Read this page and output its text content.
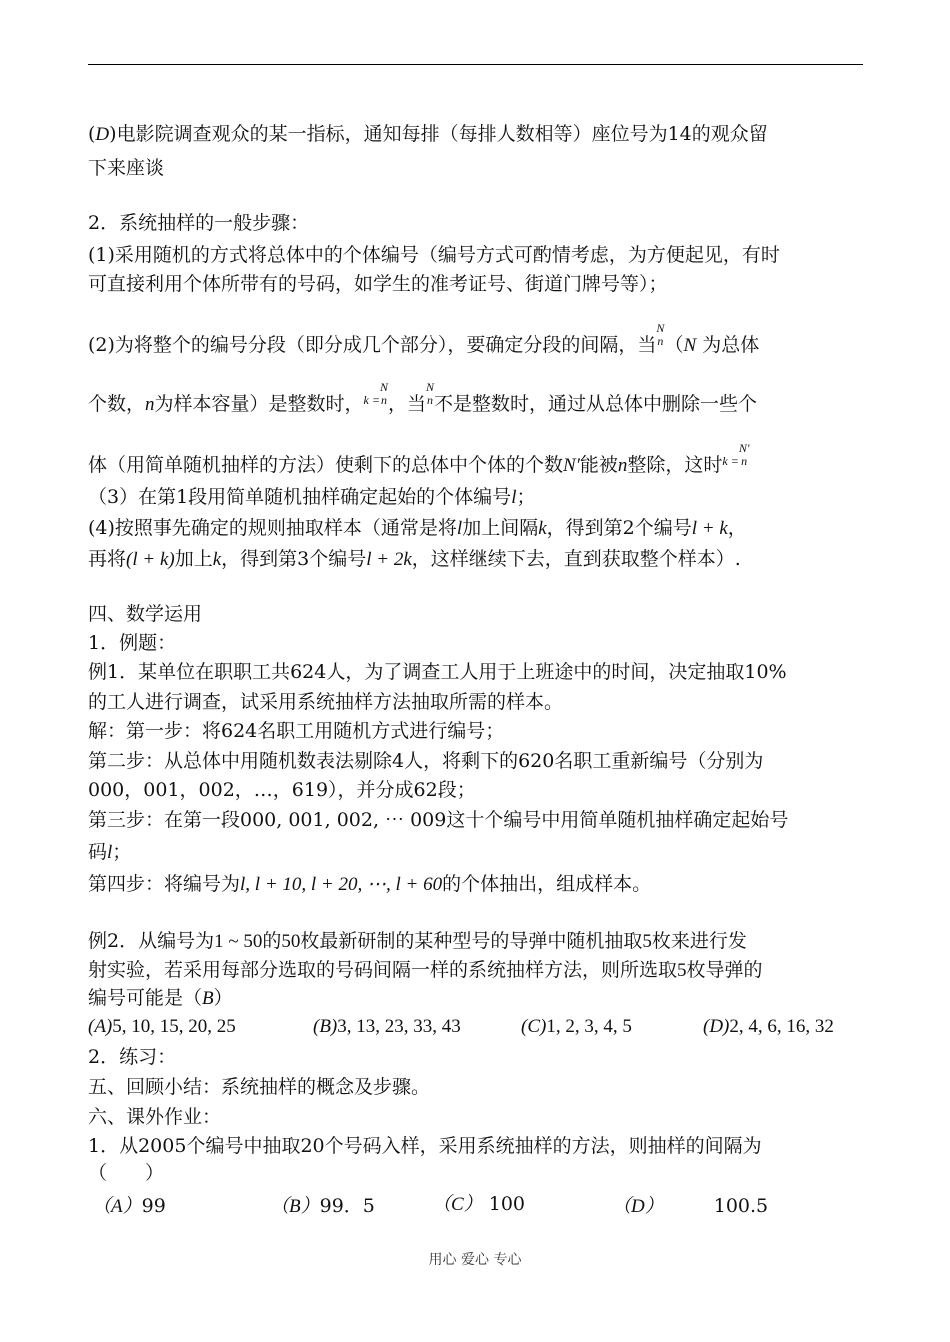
(D)电影院调查观众的某一指标，通知每排（每排人数相等）座位号为14的观众留
下来座谈
2．系统抽样的一般步骤：
(1)采用随机的方式将总体中的个体编号（编号方式可酌情考虑，为方便起见，有时
可直接利用个体所带有的号码，如学生的准考证号、街道门牌号等）；
(2)为将整个的编号分段（即分成几个部分），要确定分段的间隔，当
N
n （N 为总体
个数，n为样本容量）是整数时，$^{k =}$
N
n ，当
N
n 不是整数时，通过从总体中删除一些个
体（用简单随机抽样的方法）使剩下的总体中个体的个数N′能被n整除，这时$^{k =}$
N′
n
（3）在第1段用简单随机抽样确定起始的个体编号l；
(4)按照事先确定的规则抽取样本（通常是将l加上间隔k，得到第2个编号l + k，
再将(l + k)加上k，得到第3个编号l + 2k，这样继续下去，直到获取整个样本）.
四、数学运用
1．例题：
例1．某单位在职职工共624人，为了调查工人用于上班途中的时间，决定抽取10%
的工人进行调查，试采用系统抽样方法抽取所需的样本。
解：第一步：将624名职工用随机方式进行编号；
第二步：从总体中用随机数表法剔除4人，将剩下的620名职工重新编号（分别为
000，001，002，…，619），并分成62段；
第三步：在第一段000, 001, 002, ⋯ 009这十个编号中用简单随机抽样确定起始号
码l；
第四步：将编号为l, l + 10, l + 20, ⋯, l + 60的个体抽出，组成样本。
例2．从编号为1 ~ 50的50枚最新研制的某种型号的导弹中随机抽取5枚来进行发
射实验，若采用每部分选取的号码间隔一样的系统抽样方法，则所选取5枚导弹的
编号可能是（B）
(A)5, 10, 15, 20, 25	(B)3, 13, 23, 33, 43	(C)1, 2, 3, 4, 5	(D)2, 4, 6, 16, 32
2．练习：
五、回顾小结：系统抽样的概念及步骤。
六、课外作业：
1．从2005个编号中抽取20个号码入样，采用系统抽样的方法，则抽样的间隔为
（　　）
（A）99	（B）99．5	（C） 100	（D）	100.5
用心 爱心 专心
